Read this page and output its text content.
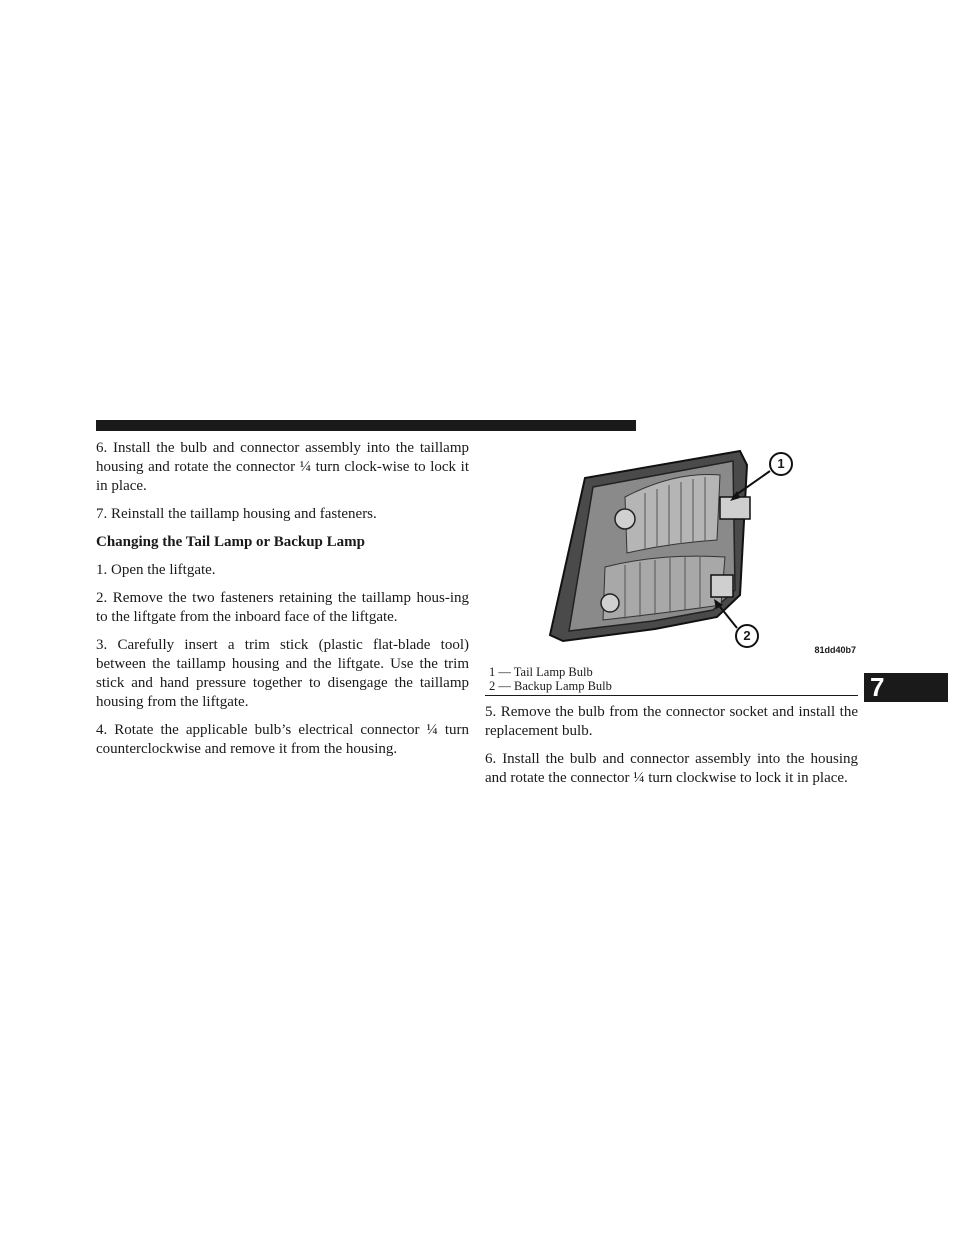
6. Install the bulb and connector assembly into the taillamp housing and rotate the connector ¼ turn clock-wise to lock it in place.

7. Reinstall the taillamp housing and fasteners.

Changing the Tail Lamp or Backup Lamp

1. Open the liftgate.

2. Remove the two fasteners retaining the taillamp hous-ing to the liftgate from the inboard face of the liftgate.

3. Carefully insert a trim stick (plastic flat-blade tool) between the taillamp housing and the liftgate. Use the trim stick and hand pressure together to disengage the taillamp housing from the liftgate.

4. Rotate the applicable bulb’s electrical connector ¼ turn counterclockwise and remove it from the housing.

1
2
81dd40b7
1 — Tail Lamp Bulb
2 — Backup Lamp Bulb

5. Remove the bulb from the connector socket and install the replacement bulb.

6. Install the bulb and connector assembly into the housing and rotate the connector ¼ turn clockwise to lock it in place.

7
